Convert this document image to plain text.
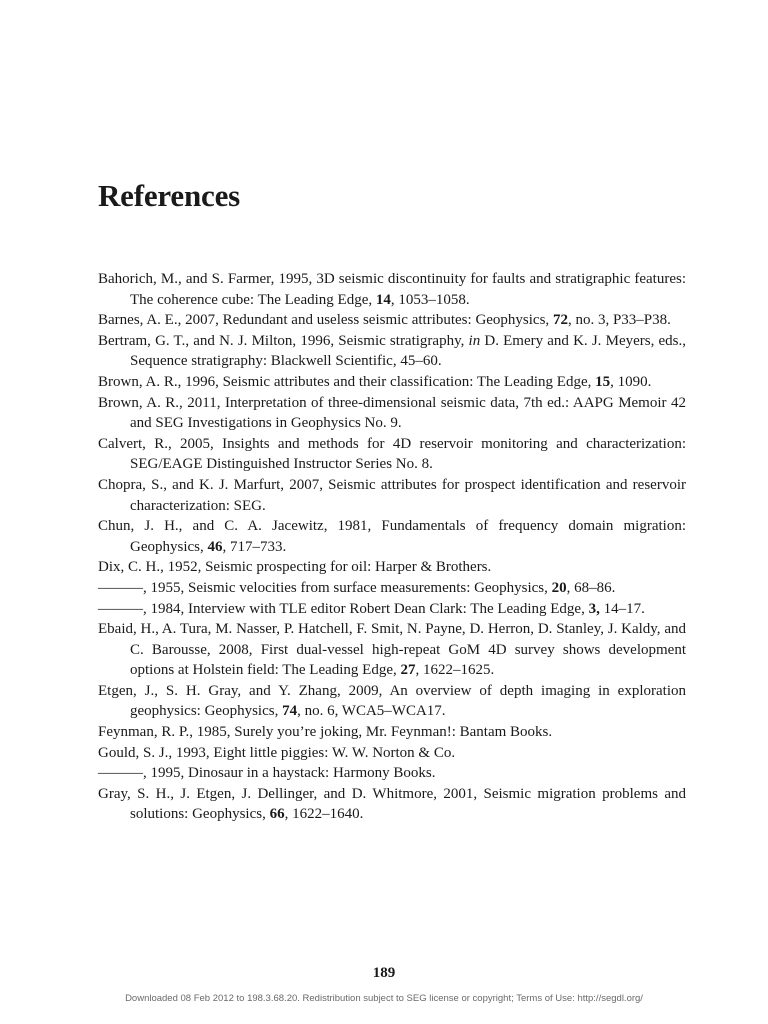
References

Bahorich, M., and S. Farmer, 1995, 3D seismic discontinuity for faults and stratigraphic features: The coherence cube: The Leading Edge, 14, 1053–1058.

Barnes, A. E., 2007, Redundant and useless seismic attributes: Geophysics, 72, no. 3, P33–P38.

Bertram, G. T., and N. J. Milton, 1996, Seismic stratigraphy, in D. Emery and K. J. Meyers, eds., Sequence stratigraphy: Blackwell Scientific, 45–60.

Brown, A. R., 1996, Seismic attributes and their classification: The Leading Edge, 15, 1090.

Brown, A. R., 2011, Interpretation of three-dimensional seismic data, 7th ed.: AAPG Memoir 42 and SEG Investigations in Geophysics No. 9.

Calvert, R., 2005, Insights and methods for 4D reservoir monitoring and characterization: SEG/EAGE Distinguished Instructor Series No. 8.

Chopra, S., and K. J. Marfurt, 2007, Seismic attributes for prospect identification and reservoir characterization: SEG.

Chun, J. H., and C. A. Jacewitz, 1981, Fundamentals of frequency domain migration: Geophysics, 46, 717–733.

Dix, C. H., 1952, Seismic prospecting for oil: Harper & Brothers.

———, 1955, Seismic velocities from surface measurements: Geophysics, 20, 68–86.

———, 1984, Interview with TLE editor Robert Dean Clark: The Leading Edge, 3, 14–17.

Ebaid, H., A. Tura, M. Nasser, P. Hatchell, F. Smit, N. Payne, D. Herron, D. Stanley, J. Kaldy, and C. Barousse, 2008, First dual-vessel high-repeat GoM 4D survey shows development options at Holstein field: The Leading Edge, 27, 1622–1625.

Etgen, J., S. H. Gray, and Y. Zhang, 2009, An overview of depth imaging in exploration geophysics: Geophysics, 74, no. 6, WCA5–WCA17.

Feynman, R. P., 1985, Surely you’re joking, Mr. Feynman!: Bantam Books.

Gould, S. J., 1993, Eight little piggies: W. W. Norton & Co.

———, 1995, Dinosaur in a haystack: Harmony Books.

Gray, S. H., J. Etgen, J. Dellinger, and D. Whitmore, 2001, Seismic migration problems and solutions: Geophysics, 66, 1622–1640.

189
Downloaded 08 Feb 2012 to 198.3.68.20. Redistribution subject to SEG license or copyright; Terms of Use: http://segdl.org/
